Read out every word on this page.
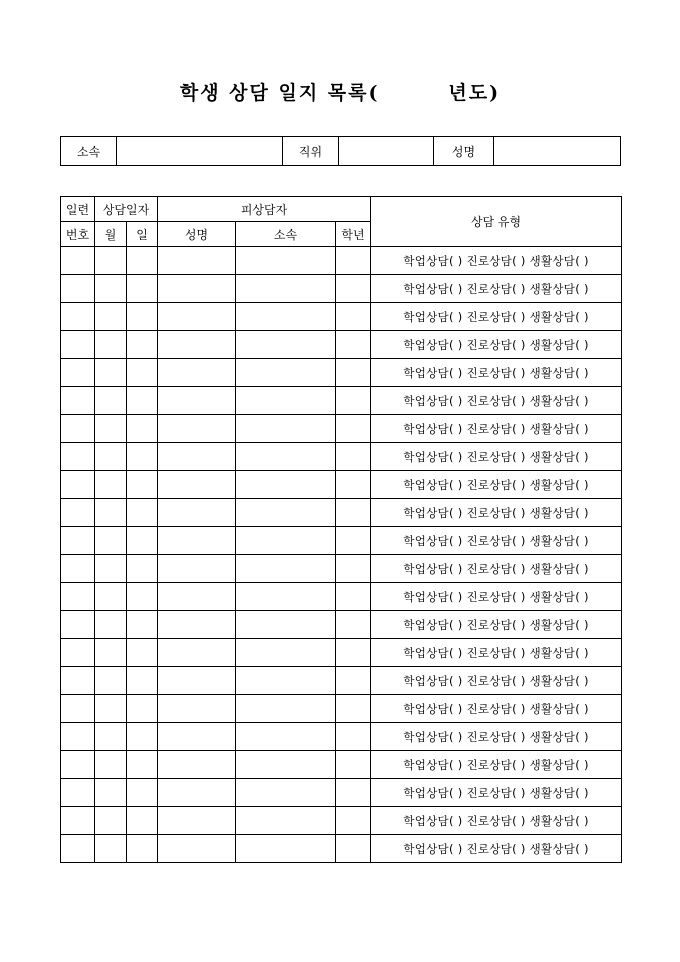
학생 상담 일지 목록(        년도)
소속		직위		성명	
일련	상담일자		피상담자			상담 유형
번호	월	일	성명	소속	학년	
						학업상담( ) 진로상담( ) 생활상담( )
						학업상담( ) 진로상담( ) 생활상담( )
						학업상담( ) 진로상담( ) 생활상담( )
						학업상담( ) 진로상담( ) 생활상담( )
						학업상담( ) 진로상담( ) 생활상담( )
						학업상담( ) 진로상담( ) 생활상담( )
						학업상담( ) 진로상담( ) 생활상담( )
						학업상담( ) 진로상담( ) 생활상담( )
						학업상담( ) 진로상담( ) 생활상담( )
						학업상담( ) 진로상담( ) 생활상담( )
						학업상담( ) 진로상담( ) 생활상담( )
						학업상담( ) 진로상담( ) 생활상담( )
						학업상담( ) 진로상담( ) 생활상담( )
						학업상담( ) 진로상담( ) 생활상담( )
						학업상담( ) 진로상담( ) 생활상담( )
						학업상담( ) 진로상담( ) 생활상담( )
						학업상담( ) 진로상담( ) 생활상담( )
						학업상담( ) 진로상담( ) 생활상담( )
						학업상담( ) 진로상담( ) 생활상담( )
						학업상담( ) 진로상담( ) 생활상담( )
						학업상담( ) 진로상담( ) 생활상담( )
						학업상담( ) 진로상담( ) 생활상담( )
